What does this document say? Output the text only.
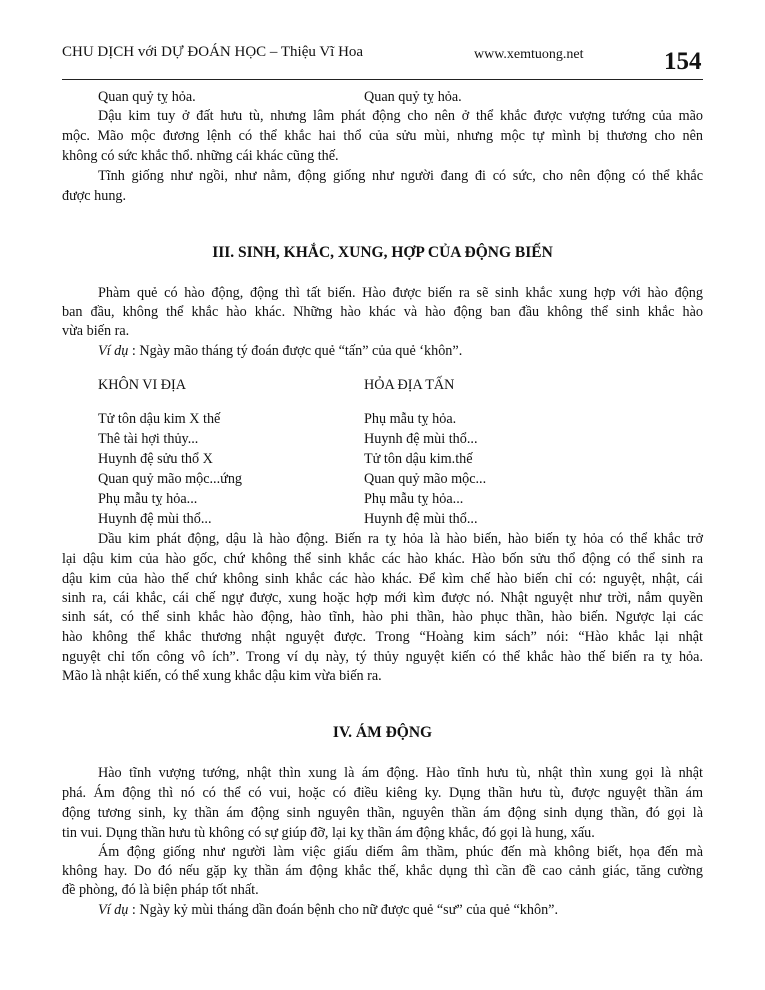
CHU DỊCH với DỰ ĐOÁN HỌC – Thiệu Vĩ Hoa	www.xemtuong.net	154
Quan quỷ tỵ hỏa.	Quan quỷ tỵ hỏa.
Dậu kim tuy ở đất hưu tù, nhưng lâm phát động cho nên ở thể khắc được vượng tướng của mão
mộc. Mão mộc đương lệnh có thể khắc hai thổ của sửu mùi, nhưng mộc tự mình bị thương cho nên
không có sức khắc thổ. những cái khác cũng thế.
Tĩnh giống như ngồi, như nằm, động giống như người đang đi có sức, cho nên động có thể khắc
được hung.
III. SINH, KHẮC, XUNG, HỢP CỦA ĐỘNG BIẾN
Phàm quẻ có hào động, động thì tất biến. Hào được biến ra sẽ sinh khắc xung hợp với hào động
ban đầu, không thể khắc hào khác. Những hào khác và hào động ban đầu không thể sinh khắc hào
vừa biến ra.
Ví dụ : Ngày mão tháng tý đoán được quẻ “tấn” của quẻ ‘khôn”.
KHÔN VI ĐỊA	HỎA ĐỊA TẤN
Tử tôn dậu kim X thế	Phụ mẫu tỵ hỏa.
Thê tài hợi thủy...	Huynh đệ mùi thổ...
Huynh đệ sửu thổ X	Tử tôn dậu kim.thế
Quan quỷ mão mộc...ứng	Quan quỷ mão mộc...
Phụ mẫu tỵ hỏa...	Phụ mẫu tỵ hỏa...
Huynh đệ mùi thổ...	Huynh đệ mùi thổ...
Dầu kim phát động, dậu là hào động. Biến ra tỵ hỏa là hào biến, hào biến tỵ hỏa có thể khắc trở
lại dậu kim của hào gốc, chứ không thể sinh khắc các hào khác. Hào bốn sửu thổ động có thể sinh ra
dậu kim của hào thế chứ không sinh khắc các hào khác. Để kìm chế hào biến chỉ có: nguyệt, nhật, cái
sinh ra, cái khắc, cái chế ngự được, xung hoặc hợp mới kìm được nó. Nhật nguyệt như trời, nắm quyền
sinh sát, có thể sinh khắc hào động, hào tĩnh, hào phi thần, hào phục thần, hào biến. Ngược lại các
hào không thể khắc thương nhật nguyệt được. Trong “Hoàng kim sách” nói: “Hào khắc lại nhật
nguyệt chỉ tốn công vô ích”. Trong ví dụ này, tý thủy nguyệt kiến có thể khắc hào thế biến ra tỵ hỏa.
Mão là nhật kiến, có thể xung khắc dậu kim vừa biến ra.
IV. ÁM ĐỘNG
Hào tĩnh vượng tướng, nhật thìn xung là ám động. Hào tĩnh hưu tù, nhật thìn xung gọi là nhật
phá. Ám động thì nó có thể có vui, hoặc có điều kiêng ky. Dụng thần hưu tù, được nguyệt thần ám
động tương sinh, kỵ thần ám động sinh nguyên thần, nguyên thần ám động sinh dụng thần, đó gọi là
tin vui. Dụng thần hưu tù không có sự giúp đỡ, lại kỵ thần ám động khắc, đó gọi là hung, xấu.
Ám động giống như người làm việc giấu diếm âm thầm, phúc đến mà không biết, họa đến mà
không hay. Do đó nếu gặp kỵ thần ám động khắc thế, khắc dụng thì cần đề cao cảnh giác, tăng cường
đề phòng, đó là biện pháp tốt nhất.
Ví dụ : Ngày kỷ mùi tháng dần đoán bệnh cho nữ được quẻ “sư” của quẻ “khôn”.
